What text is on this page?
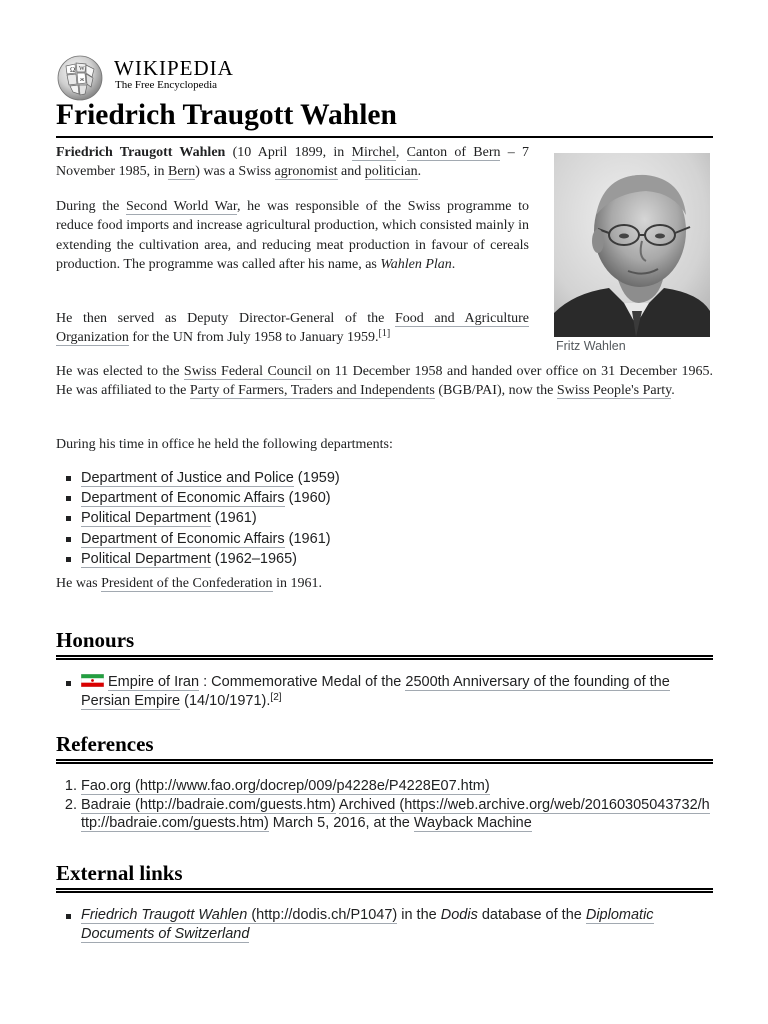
Ω W
ж WIKIPEDIA
The Free Encyclopedia
Friedrich Traugott Wahlen
Fritz Wahlen

Friedrich Traugott Wahlen (10 April 1899, in Mirchel, Canton of Bern – 7 November 1985, in Bern) was a Swiss agronomist and politician.

During the Second World War, he was responsible of the Swiss programme to reduce food imports and increase agricultural production, which consisted mainly in extending the cultivation area, and reducing meat production in favour of cereals production. The programme was called after his name, as Wahlen Plan.

He then served as Deputy Director-General of the Food and Agriculture Organization for the UN from July 1958 to January 1959.[1]

He was elected to the Swiss Federal Council on 11 December 1958 and handed over office on 31 December 1965. He was affiliated to the Party of Farmers, Traders and Independents (BGB/PAI), now the Swiss People's Party.

During his time in office he held the following departments:

Department of Justice and Police (1959)
Department of Economic Affairs (1960)
Political Department (1961)
Department of Economic Affairs (1961)
Political Department (1962–1965)

He was President of the Confederation in 1961.

Honours
Empire of Iran : Commemorative Medal of the 2500th Anniversary of the founding of the Persian Empire (14/10/1971).[2]
References
1. Fao.org (http://www.fao.org/docrep/009/p4228e/P4228E07.htm)
2. Badraie (http://badraie.com/guests.htm) Archived (https://web.archive.org/web/20160305043732/http://badraie.com/guests.htm) March 5, 2016, at the Wayback Machine
External links
Friedrich Traugott Wahlen (http://dodis.ch/P1047) in the Dodis database of the Diplomatic Documents of Switzerland
